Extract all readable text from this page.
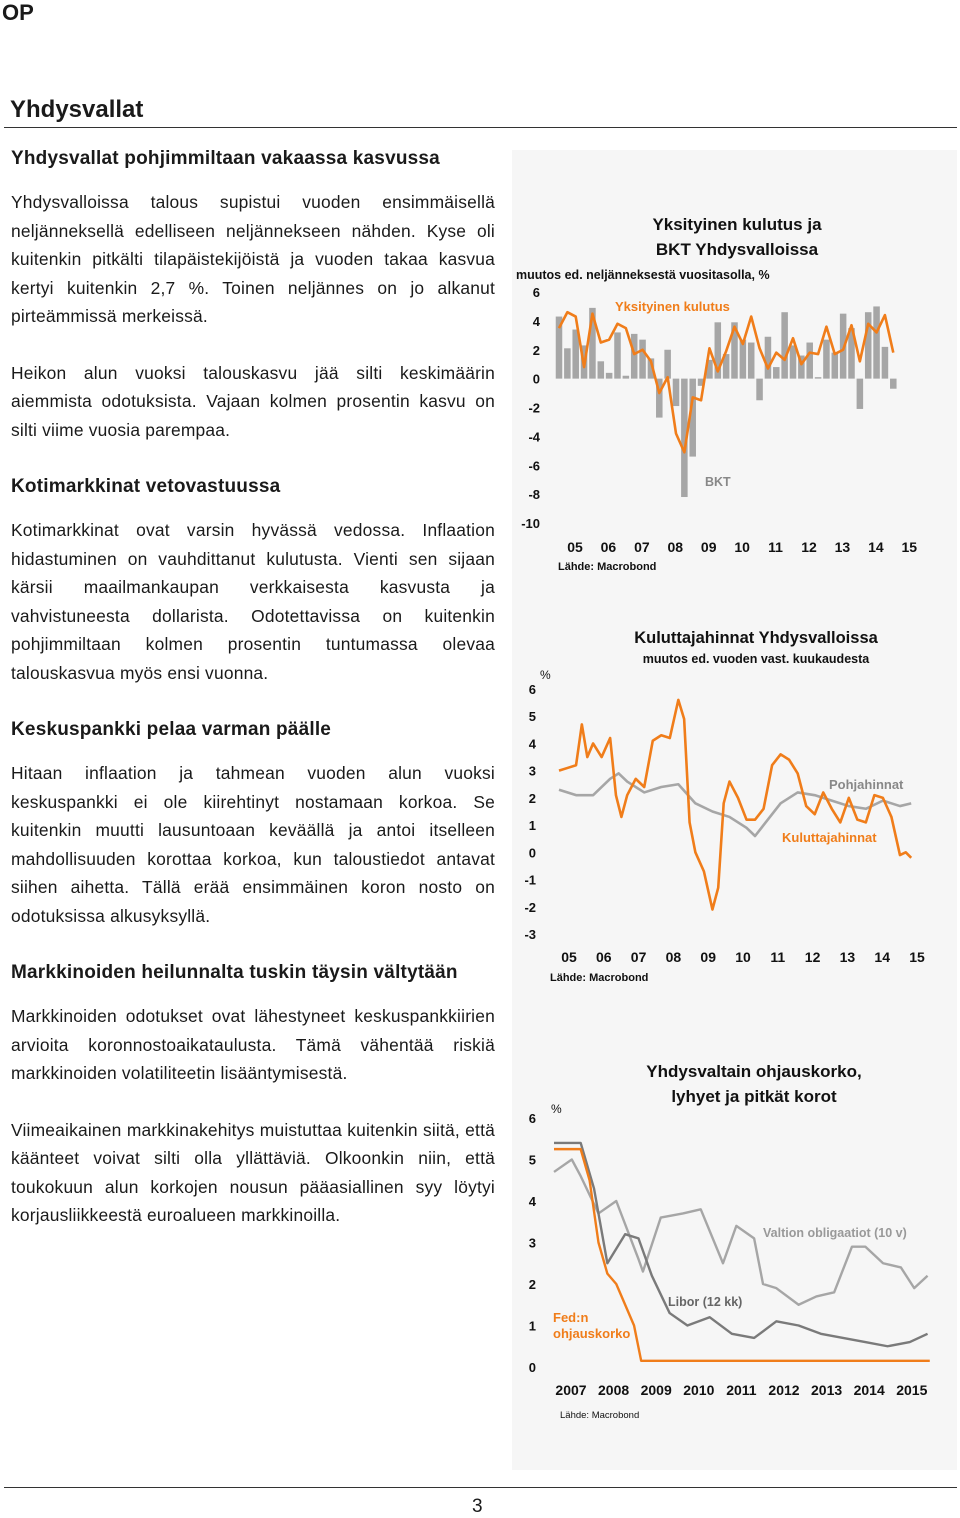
OP
Yhdysvallat
Yhdysvallat pohjimmiltaan vakaassa kasvussa

Yhdysvalloissa talous supistui vuoden ensimmäisellä neljänneksellä edelliseen neljännekseen nähden. Kyse oli kuitenkin pitkälti tilapäistekijöistä ja vuoden takaa kasvua kertyi kuitenkin 2,7 %. Toinen neljännes on jo alkanut pirteämmissä merkeissä.

Heikon alun vuoksi talouskasvu jää silti keskimäärin aiemmista odotuksista. Vajaan kolmen prosentin kasvu on silti viime vuosia parempaa.

Kotimarkkinat vetovastuussa

Kotimarkkinat ovat varsin hyvässä vedossa. Inflaation hidastuminen on vauhdittanut kulutusta. Vienti sen sijaan kärsii maailmankaupan verkkaisesta kasvusta ja vahvistuneesta dollarista. Odotettavissa on kuitenkin pohjimmiltaan kolmen prosentin tuntumassa olevaa talouskasvua myös ensi vuonna.

Keskuspankki pelaa varman päälle

Hitaan inflaation ja tahmean vuoden alun vuoksi keskuspankki ei ole kiirehtinyt nostamaan korkoa. Se kuitenkin muutti lausuntoaan keväällä ja antoi itselleen mahdollisuuden korottaa korkoa, kun taloustiedot antavat siihen aihetta. Tällä erää ensimmäinen koron nosto on odotuksissa alkusyksyllä.

Markkinoiden heilunnalta tuskin täysin vältytään

Markkinoiden odotukset ovat lähestyneet keskuspankkiirien arvioita koronnostoaikataulusta. Tämä vähentää riskiä markkinoiden volatiliteetin lisääntymisestä.

Viimeaikainen markkinakehitys muistuttaa kuitenkin siitä, että käänteet voivat silti olla yllättäviä. Olkoonkin niin, että toukokuun alun korkojen nousun pääasiallinen syy löytyi korjausliikkeestä euroalueen markkinoilla.

Yksityinen kulutus ja
BKT Yhdysvalloissa
muutos ed. neljänneksestä vuositasolla, %
6
4
2
0
-2
-4
-6
-8
-10
05 06 07 08 09 10 11 12 13 14 15
Yksityinen kulutus
BKT
Lähde: Macrobond
Kuluttajahinnat Yhdysvalloissa
muutos ed. vuoden vast. kuukaudesta
%
6
5
4
3
2
1
0
-1
-2
-3
05 06 07 08 09 10 11 12 13 14 15
Pohjahinnat
Kuluttajahinnat
Lähde: Macrobond
Yhdysvaltain ohjauskorko,
lyhyet ja pitkät korot
%
6
5
4
3
2
1
0
2007 2008 2009 2010 2011 2012 2013 2014 2015
Valtion obligaatiot (10 v)
Libor (12 kk)
Fed:n ohjauskorko
Lähde: Macrobond
3
